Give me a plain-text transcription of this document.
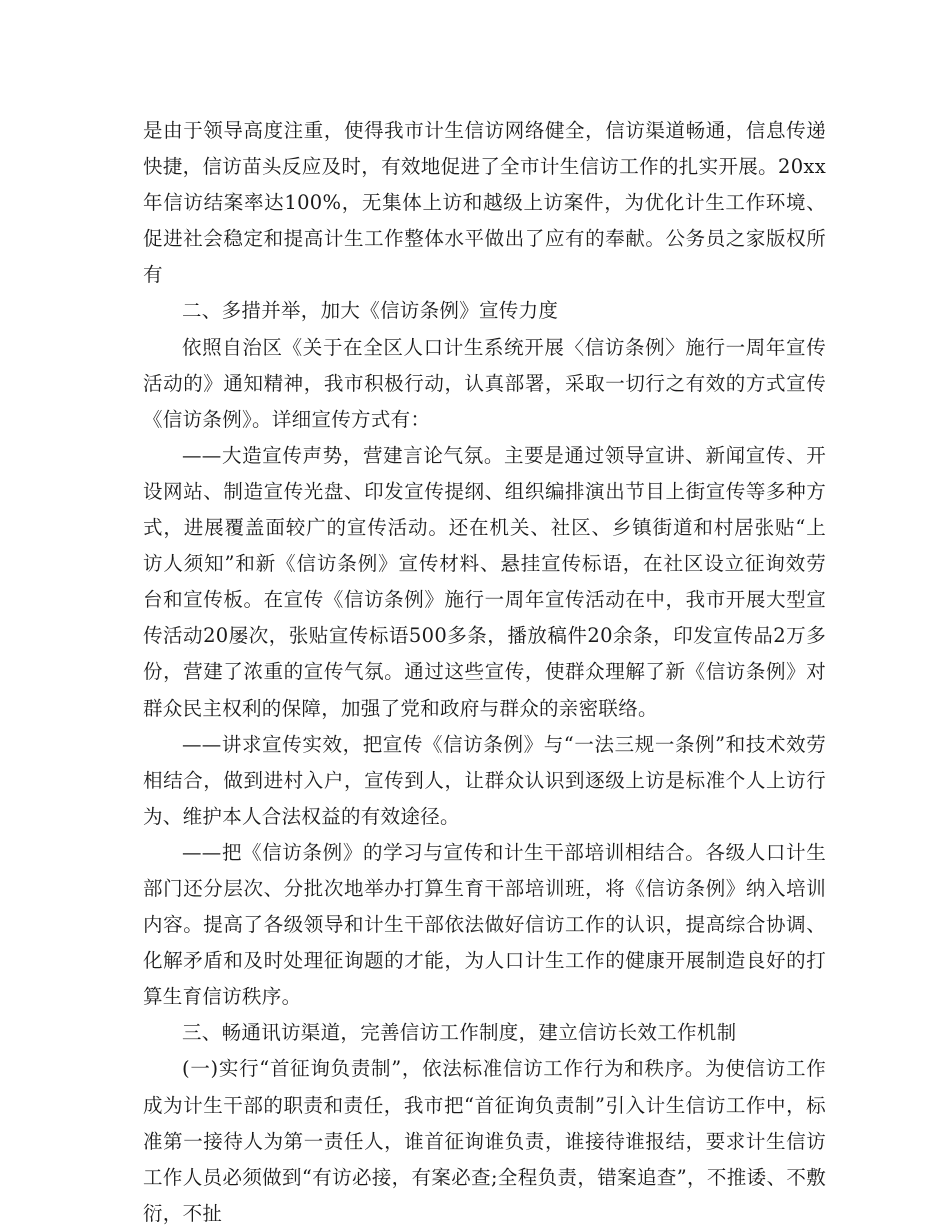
是由于领导高度注重，使得我市计生信访网络健全，信访渠道畅通，信息传递快捷，信访苗头反应及时，有效地促进了全市计生信访工作的扎实开展。20xx年信访结案率达100%，无集体上访和越级上访案件，为优化计生工作环境、促进社会稳定和提高计生工作整体水平做出了应有的奉献。公务员之家版权所有

二、多措并举，加大《信访条例》宣传力度

依照自治区《关于在全区人口计生系统开展〈信访条例〉施行一周年宣传活动的》通知精神，我市积极行动，认真部署，采取一切行之有效的方式宣传《信访条例》。详细宣传方式有：

——大造宣传声势，营建言论气氛。主要是通过领导宣讲、新闻宣传、开设网站、制造宣传光盘、印发宣传提纲、组织编排演出节目上街宣传等多种方式，进展覆盖面较广的宣传活动。还在机关、社区、乡镇街道和村居张贴“上访人须知”和新《信访条例》宣传材料、悬挂宣传标语，在社区设立征询效劳台和宣传板。在宣传《信访条例》施行一周年宣传活动在中，我市开展大型宣传活动20屡次，张贴宣传标语500多条，播放稿件20余条，印发宣传品2万多份，营建了浓重的宣传气氛。通过这些宣传，使群众理解了新《信访条例》对群众民主权利的保障，加强了党和政府与群众的亲密联络。

——讲求宣传实效，把宣传《信访条例》与“一法三规一条例”和技术效劳相结合，做到进村入户，宣传到人，让群众认识到逐级上访是标准个人上访行为、维护本人合法权益的有效途径。

——把《信访条例》的学习与宣传和计生干部培训相结合。各级人口计生部门还分层次、分批次地举办打算生育干部培训班，将《信访条例》纳入培训内容。提高了各级领导和计生干部依法做好信访工作的认识，提高综合协调、化解矛盾和及时处理征询题的才能，为人口计生工作的健康开展制造良好的打算生育信访秩序。

三、畅通讯访渠道，完善信访工作制度，建立信访长效工作机制

(一)实行“首征询负责制”，依法标准信访工作行为和秩序。为使信访工作成为计生干部的职责和责任，我市把“首征询负责制”引入计生信访工作中，标准第一接待人为第一责任人，谁首征询谁负责，谁接待谁报结，要求计生信访工作人员必须做到“有访必接，有案必查;全程负责，错案追查”，不推诿、不敷衍，不扯
